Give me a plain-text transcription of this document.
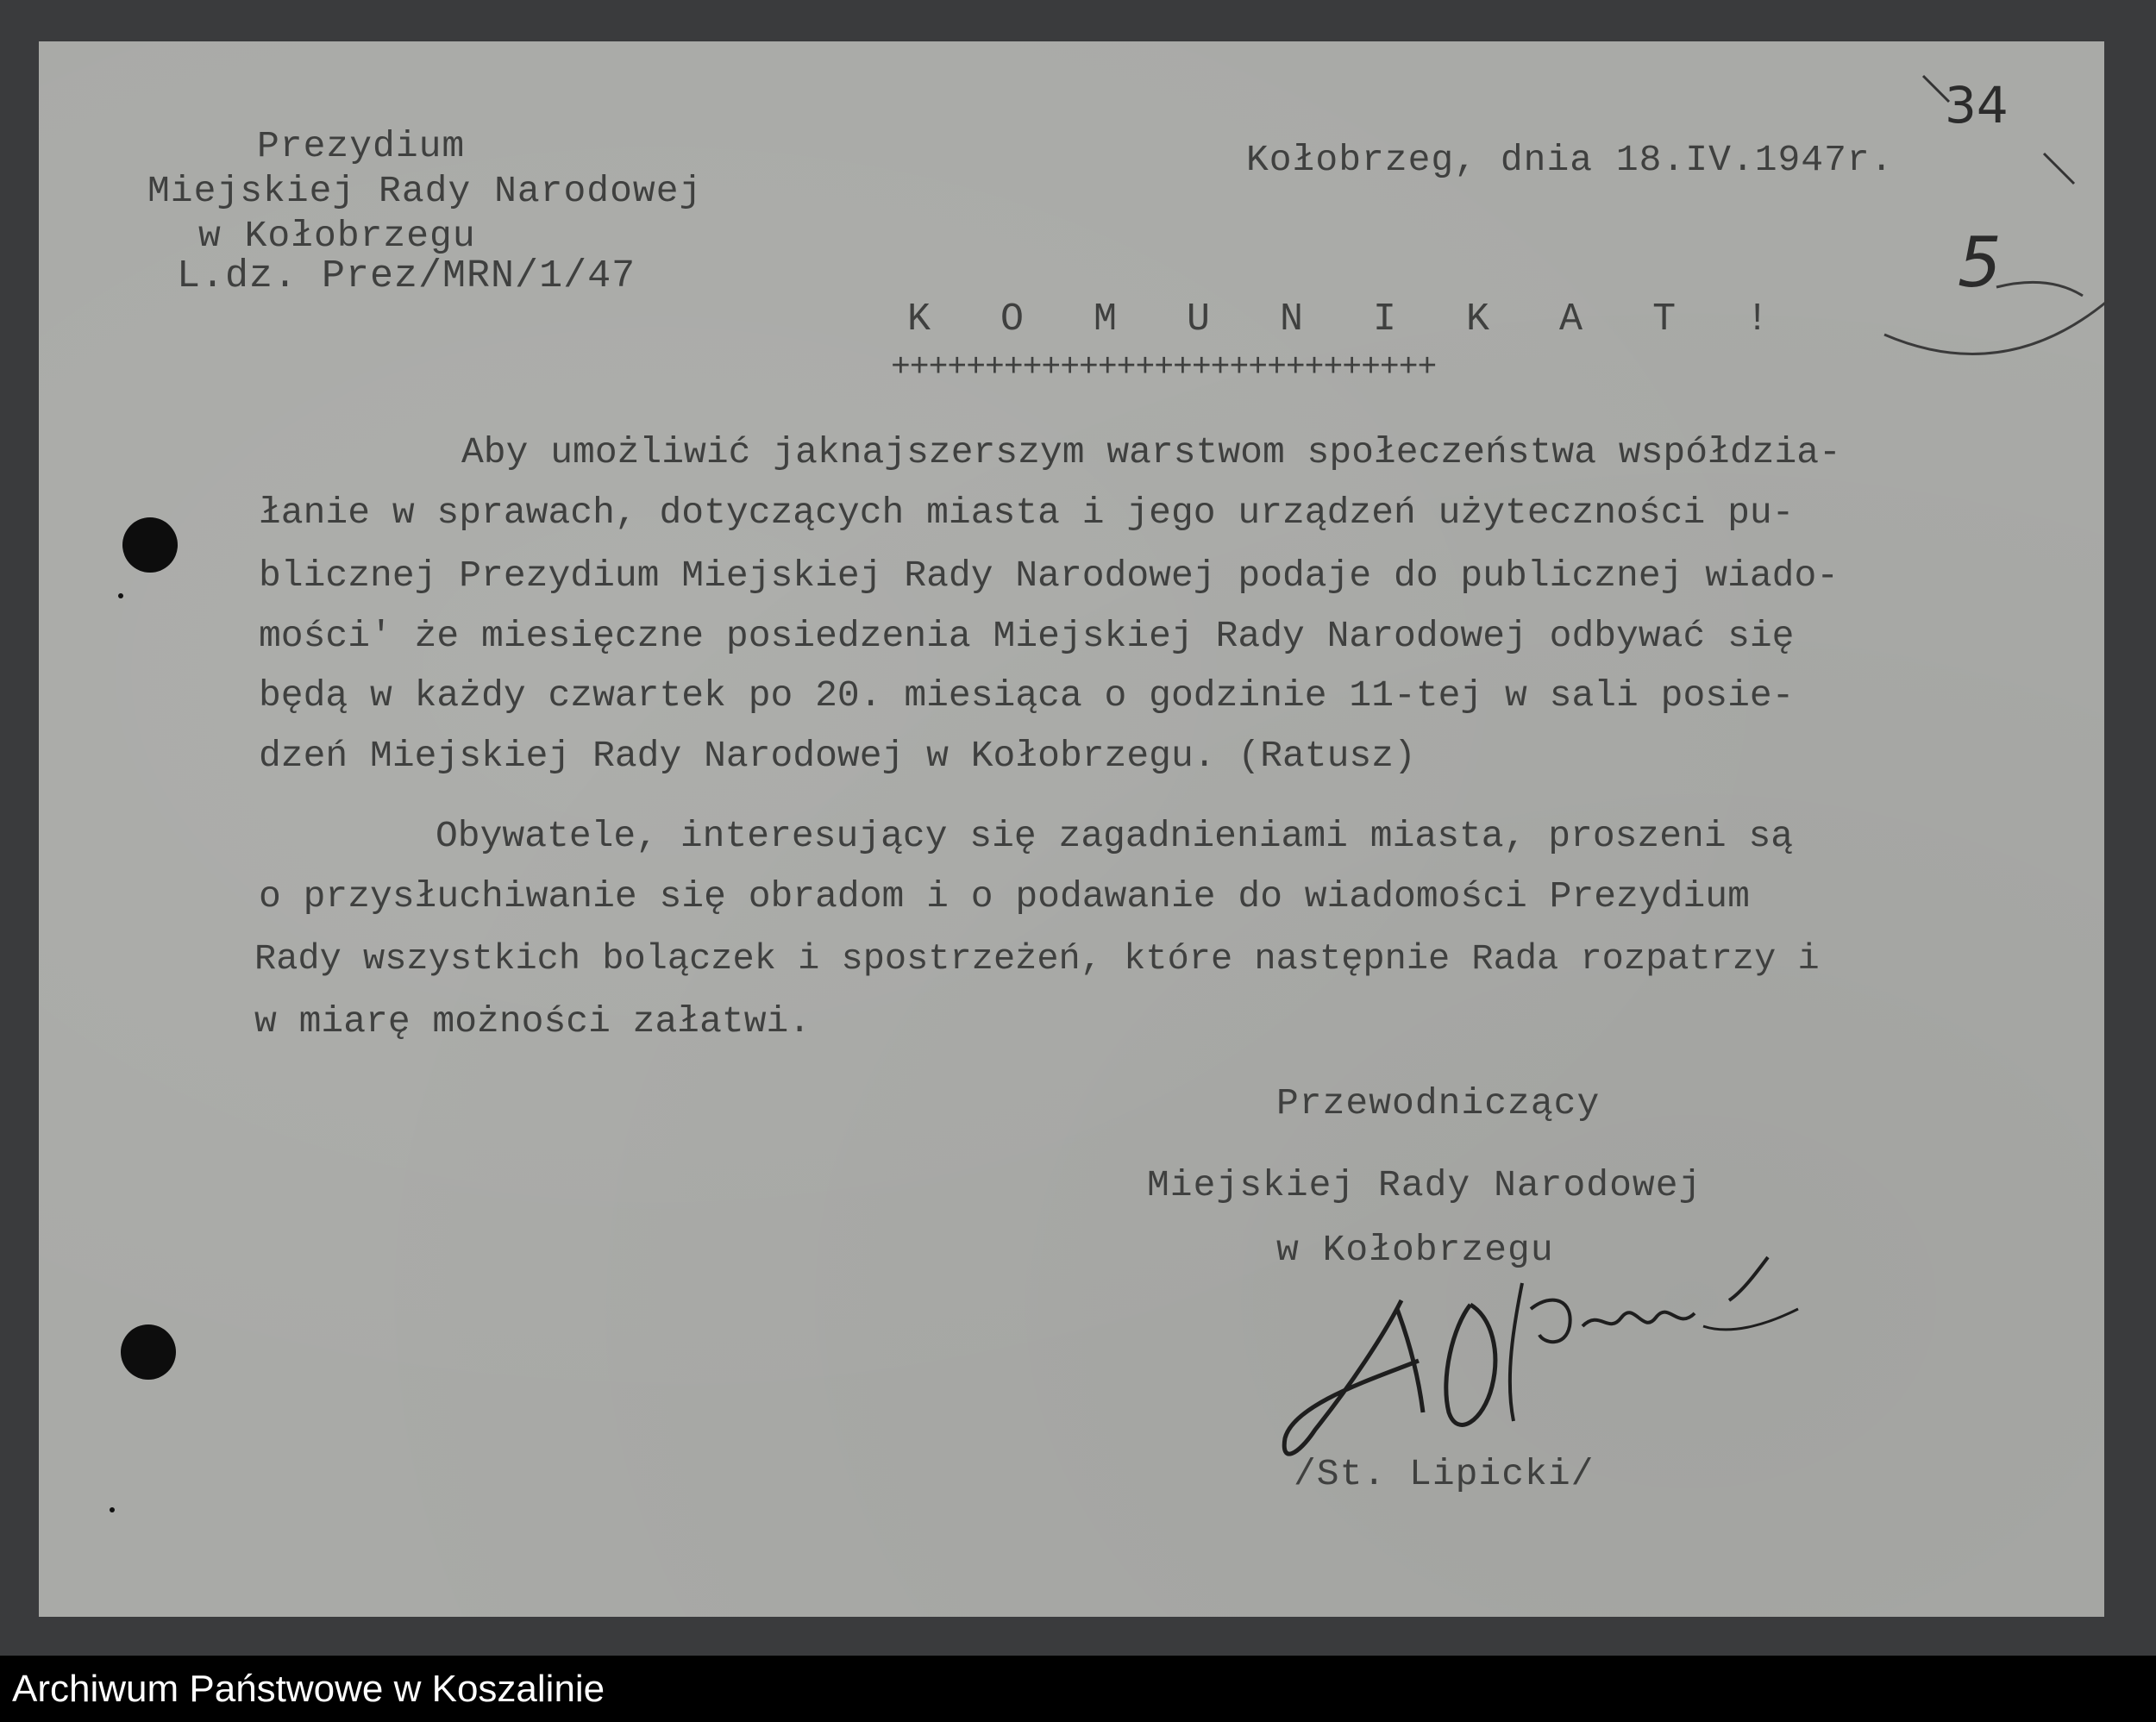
Prezydium
Miejskiej Rady Narodowej
w Kołobrzegu
L.dz. Prez/MRN/1/47
Kołobrzeg, dnia 18.IV.1947r.
34
5
K O M U N I K A T !
+++++++++++++++++++++++++++++
Aby umożliwić jaknajszerszym warstwom społeczeństwa współdzia-
łanie w sprawach, dotyczących miasta i jego urządzeń użyteczności pu-
blicznej Prezydium Miejskiej Rady Narodowej podaje do publicznej wiado-
mości' że miesięczne posiedzenia Miejskiej Rady Narodowej odbywać się
będą w każdy czwartek po 20. miesiąca o godzinie 11-tej w sali posie-
dzeń Miejskiej Rady Narodowej w Kołobrzegu. (Ratusz)
Obywatele, interesujący się zagadnieniami miasta, proszeni są
o przysłuchiwanie się obradom i o podawanie do wiadomości Prezydium
Rady wszystkich bolączek i spostrzeżeń, które następnie Rada rozpatrzy i
w miarę możności załatwi.
Przewodniczący
Miejskiej Rady Narodowej
w Kołobrzegu
/St. Lipicki/
Archiwum Państwowe w Koszalinie
